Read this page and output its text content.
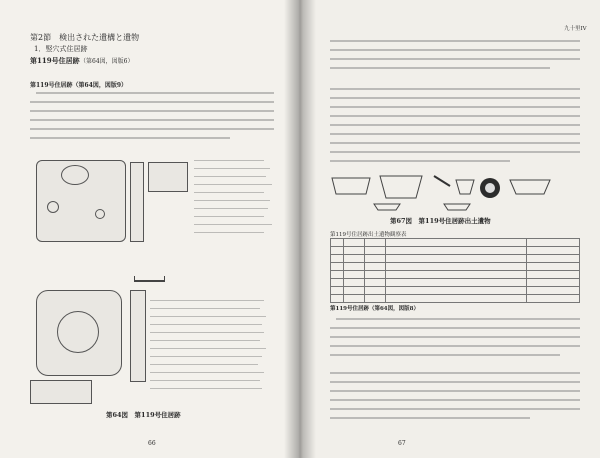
第2節　検出された遺構と遺物
1．竪穴式住居跡
第119号住居跡 （第64図，図版6）
第119号住居跡（第64図，図版9）
第64図　第119号住居跡
66
九十里IV
第67図　第119号住居跡出土遺物
第119号住居跡出土遺物観察表

第119号住居跡（第64図，図版8）
67
